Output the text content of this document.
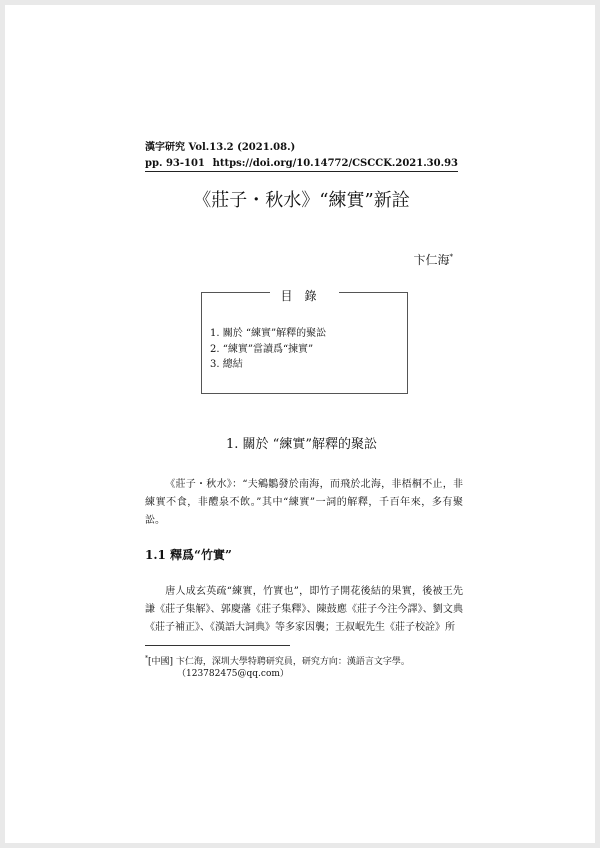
漢字研究 Vol.13.2 (2021.08.)
pp. 93-101 https://doi.org/10.14772/CSCCK.2021.30.93
《莊子・秋水》“練實”新詮
卞仁海*
目錄
1. 關於 “練實”解釋的聚訟
2. “練實”當讀爲“揀實”
3. 總結
1. 關於 “練實”解釋的聚訟
《莊子・秋水》：“夫鵷鶵發於南海，而飛於北海，非梧桐不止，非練實不食，非醴泉不飲。”其中“練實”一詞的解釋，千百年來，多有聚訟。
1.1 釋爲“竹實”
唐人成玄英疏“練實，竹實也”，即竹子開花後結的果實，後被王先謙《莊子集解》、郭慶藩《莊子集釋》、陳鼓應《莊子今注今譯》、劉文典《莊子補正》、《漢語大詞典》等多家因襲；王叔岷先生《莊子校詮》所
*[中國] 卞仁海，深圳大學特聘研究員，研究方向：漢語言文字學。
（123782475@qq.com）
